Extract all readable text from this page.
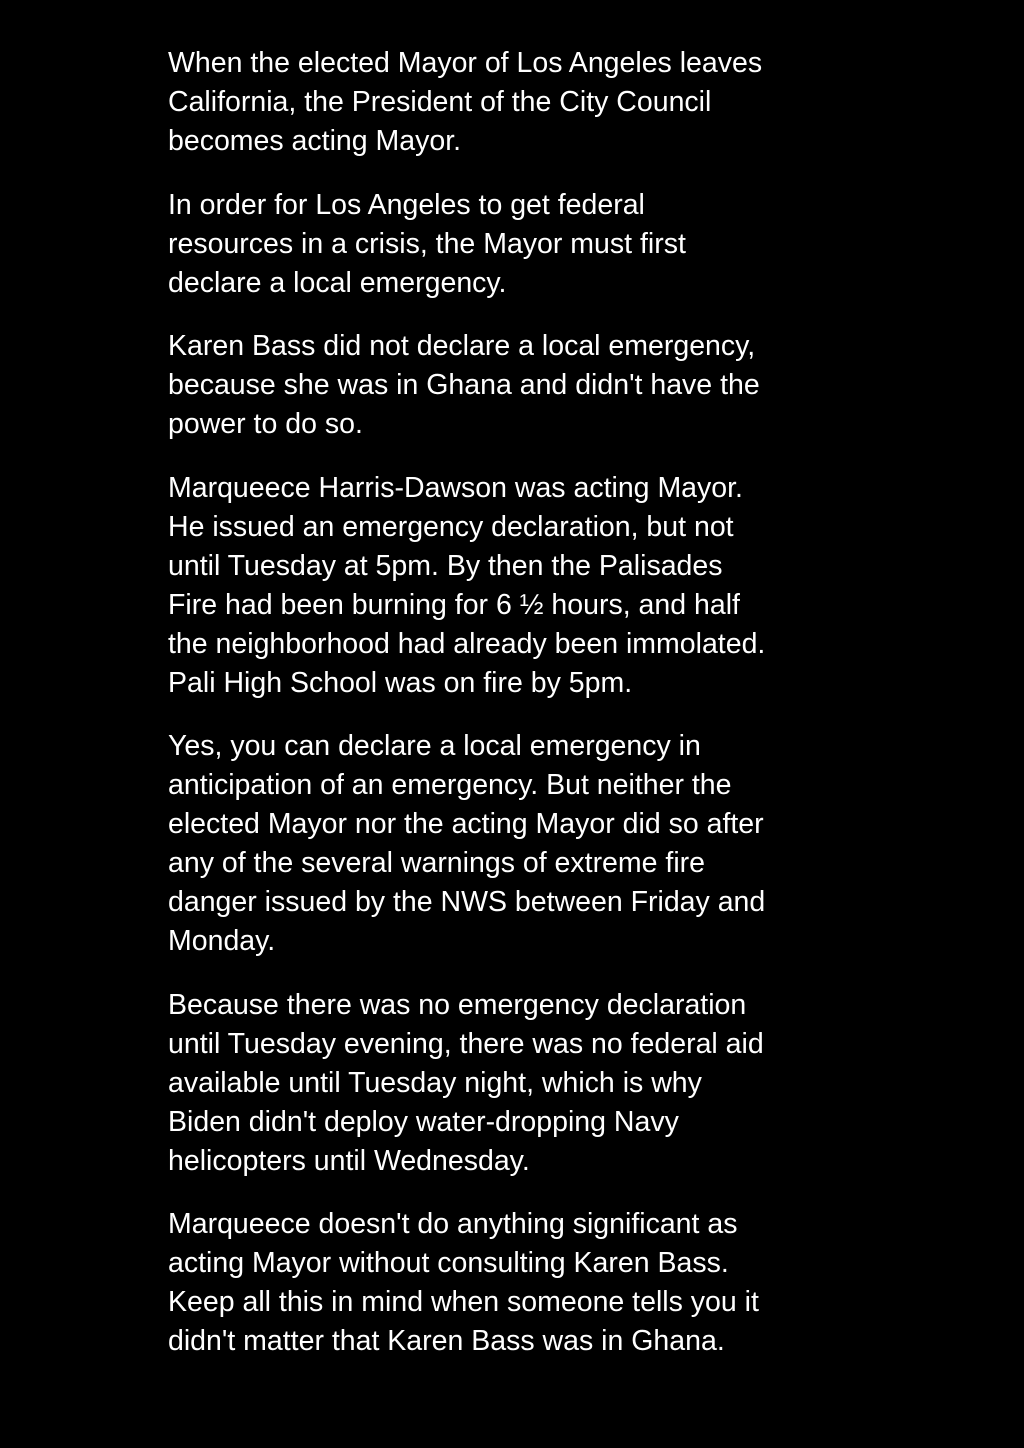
When the elected Mayor of Los Angeles leaves
California, the President of the City Council
becomes acting Mayor.

In order for Los Angeles to get federal
resources in a crisis, the Mayor must first
declare a local emergency.

Karen Bass did not declare a local emergency,
because she was in Ghana and didn't have the
power to do so.

Marqueece Harris-Dawson was acting Mayor.
He issued an emergency declaration, but not
until Tuesday at 5pm. By then the Palisades
Fire had been burning for 6 ½ hours, and half
the neighborhood had already been immolated.
Pali High School was on fire by 5pm.

Yes, you can declare a local emergency in
anticipation of an emergency. But neither the
elected Mayor nor the acting Mayor did so after
any of the several warnings of extreme fire
danger issued by the NWS between Friday and
Monday.

Because there was no emergency declaration
until Tuesday evening, there was no federal aid
available until Tuesday night, which is why
Biden didn't deploy water-dropping Navy
helicopters until Wednesday.

Marqueece doesn't do anything significant as
acting Mayor without consulting Karen Bass.
Keep all this in mind when someone tells you it
didn't matter that Karen Bass was in Ghana.
